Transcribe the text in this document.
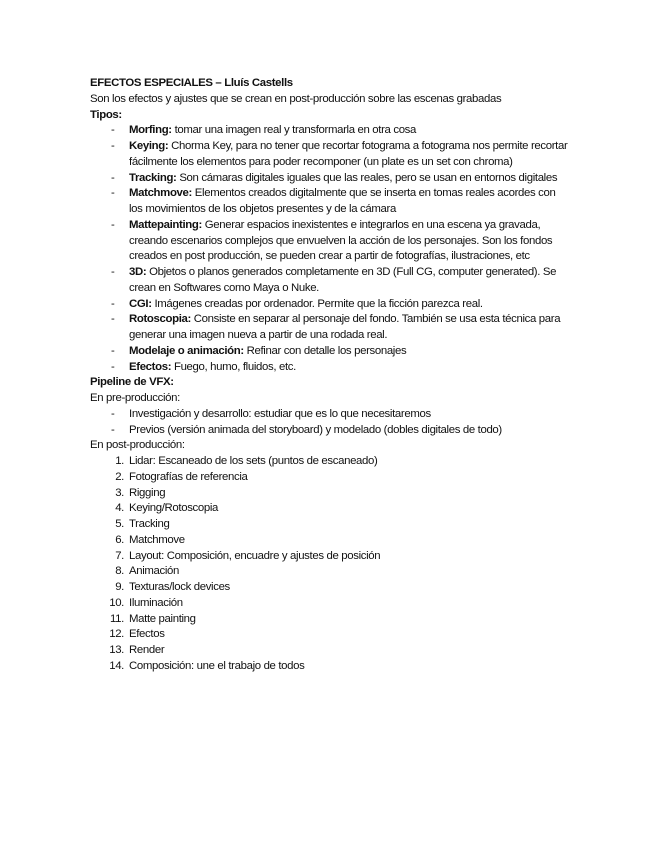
EFECTOS ESPECIALES – Lluís Castells
Son los efectos y ajustes que se crean en post-producción sobre las escenas grabadas
Tipos:
- Morfing: tomar una imagen real y transformarla en otra cosa
- Keying: Chorma Key, para no tener que recortar fotograma a fotograma nos permite recortar fácilmente los elementos para poder recomponer (un plate es un set con chroma)
- Tracking: Son cámaras digitales iguales que las reales, pero se usan en entornos digitales
- Matchmove: Elementos creados digitalmente que se inserta en tomas reales acordes con los movimientos de los objetos presentes y de la cámara
- Mattepainting: Generar espacios inexistentes e integrarlos en una escena ya gravada, creando escenarios complejos que envuelven la acción de los personajes. Son los fondos creados en post producción, se pueden crear a partir de fotografías, ilustraciones, etc
- 3D: Objetos o planos generados completamente en 3D (Full CG, computer generated). Se crean en Softwares como Maya o Nuke.
- CGI: Imágenes creadas por ordenador. Permite que la ficción parezca real.
- Rotoscopia: Consiste en separar al personaje del fondo. También se usa esta técnica para generar una imagen nueva a partir de una rodada real.
- Modelaje o animación: Refinar con detalle los personajes
- Efectos: Fuego, humo, fluidos, etc.
Pipeline de VFX:
En pre-producción:
- Investigación y desarrollo: estudiar que es lo que necesitaremos
- Previos (versión animada del storyboard) y modelado (dobles digitales de todo)
En post-producción:
1. Lidar: Escaneado de los sets (puntos de escaneado)
2. Fotografías de referencia
3. Rigging
4. Keying/Rotoscopia
5. Tracking
6. Matchmove
7. Layout: Composición, encuadre y ajustes de posición
8. Animación
9. Texturas/lock devices
10. Iluminación
11. Matte painting
12. Efectos
13. Render
14. Composición: une el trabajo de todos
